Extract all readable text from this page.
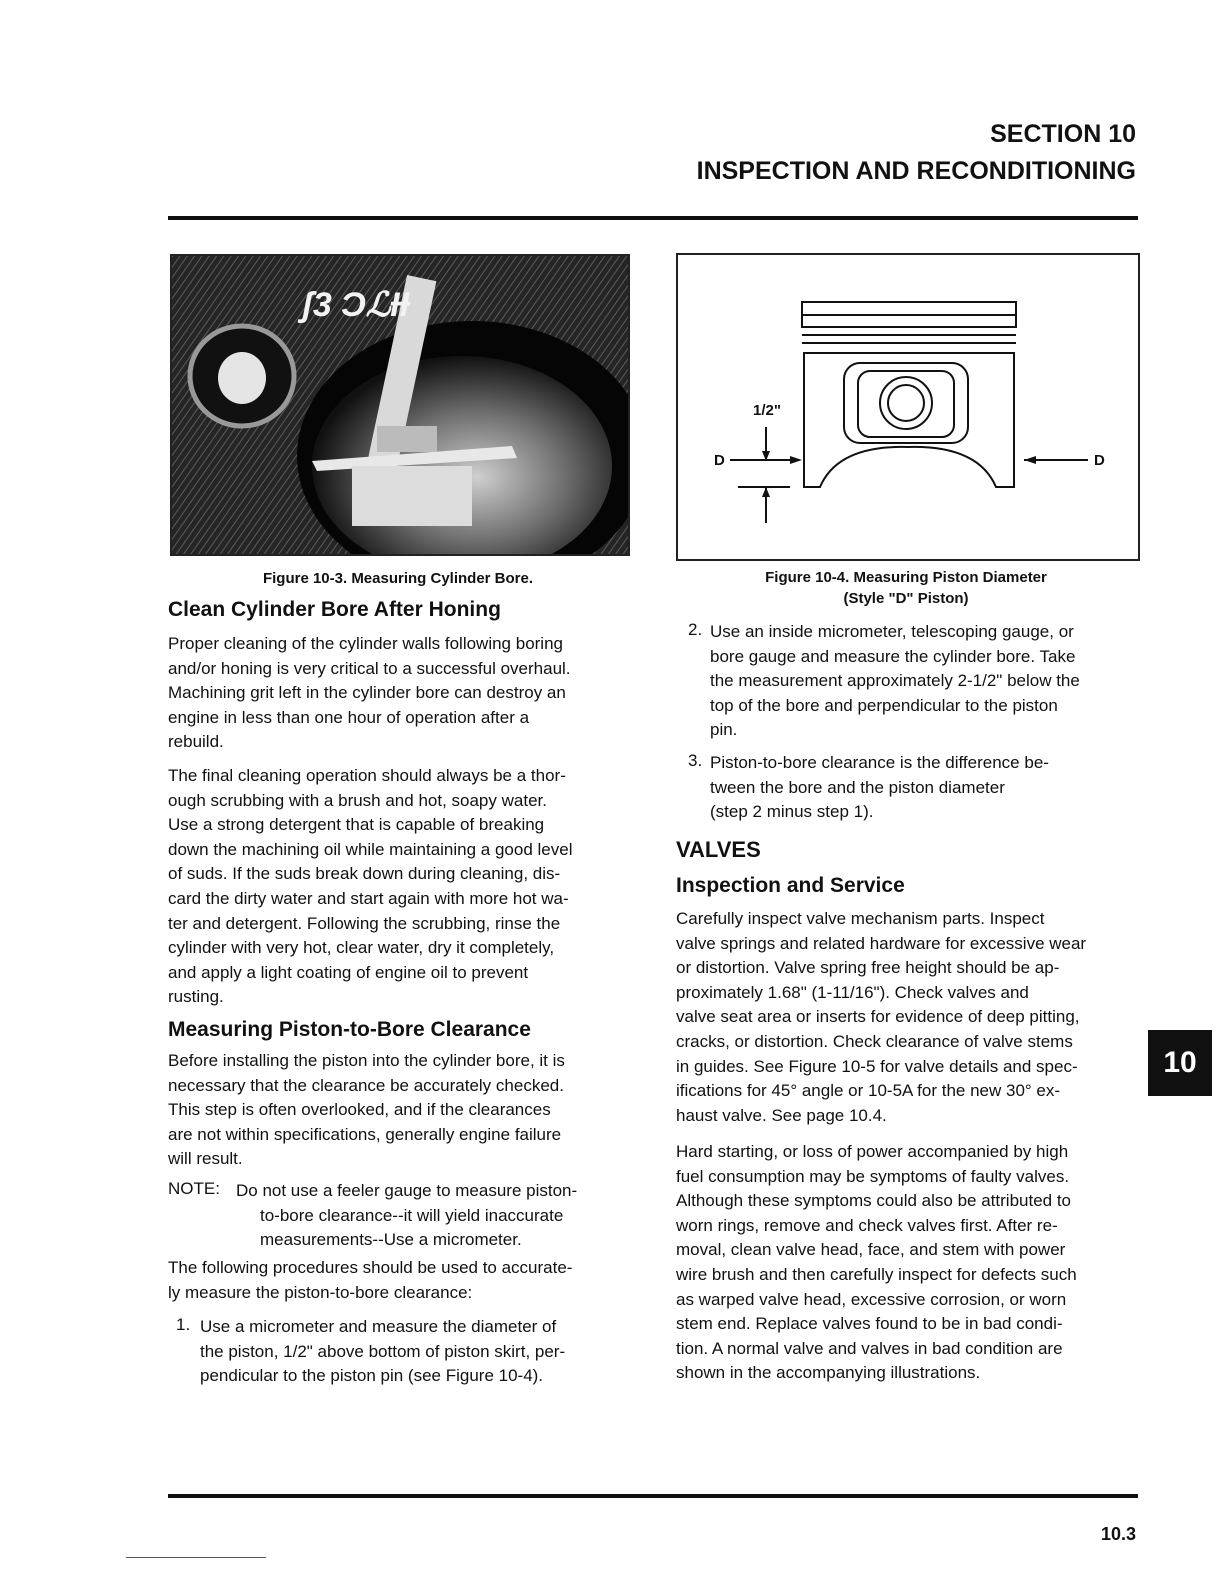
SECTION 10
INSPECTION AND RECONDITIONING
ʃ3 ƆℒƗƗ
Figure 10-3. Measuring Cylinder Bore.
1/2"
D	D
Figure 10-4. Measuring Piston Diameter
(Style "D" Piston)
Clean Cylinder Bore After Honing

Proper cleaning of the cylinder walls following boring
and/or honing is very critical to a successful overhaul.
Machining grit left in the cylinder bore can destroy an
engine in less than one hour of operation after a
rebuild.

The final cleaning operation should always be a thor-
ough scrubbing with a brush and hot, soapy water.
Use a strong detergent that is capable of breaking
down the machining oil while maintaining a good level
of suds. If the suds break down during cleaning, dis-
card the dirty water and start again with more hot wa-
ter and detergent. Following the scrubbing, rinse the
cylinder with very hot, clear water, dry it completely,
and apply a light coating of engine oil to prevent
rusting.

Measuring Piston-to-Bore Clearance

Before installing the piston into the cylinder bore, it is
necessary that the clearance be accurately checked.
This step is often overlooked, and if the clearances
are not within specifications, generally engine failure
will result.

NOTE: Do not use a feeler gauge to measure piston-
to-bore clearance--it will yield inaccurate
measurements--Use a micrometer.

The following procedures should be used to accurate-
ly measure the piston-to-bore clearance:

1. Use a micrometer and measure the diameter of
the piston, 1/2" above bottom of piston skirt, per-
pendicular to the piston pin (see Figure 10-4).

2. Use an inside micrometer, telescoping gauge, or
bore gauge and measure the cylinder bore. Take
the measurement approximately 2-1/2" below the
top of the bore and perpendicular to the piston
pin.

3. Piston-to-bore clearance is the difference be-
tween the bore and the piston diameter
(step 2 minus step 1).

VALVES
Inspection and Service

Carefully inspect valve mechanism parts. Inspect
valve springs and related hardware for excessive wear
or distortion. Valve spring free height should be ap-
proximately 1.68" (1-11/16"). Check valves and
valve seat area or inserts for evidence of deep pitting,
cracks, or distortion. Check clearance of valve stems
in guides. See Figure 10-5 for valve details and spec-
ifications for 45° angle or 10-5A for the new 30° ex-
haust valve. See page 10.4.

Hard starting, or loss of power accompanied by high
fuel consumption may be symptoms of faulty valves.
Although these symptoms could also be attributed to
worn rings, remove and check valves first. After re-
moval, clean valve head, face, and stem with power
wire brush and then carefully inspect for defects such
as warped valve head, excessive corrosion, or worn
stem end. Replace valves found to be in bad condi-
tion. A normal valve and valves in bad condition are
shown in the accompanying illustrations.

10
10.3
